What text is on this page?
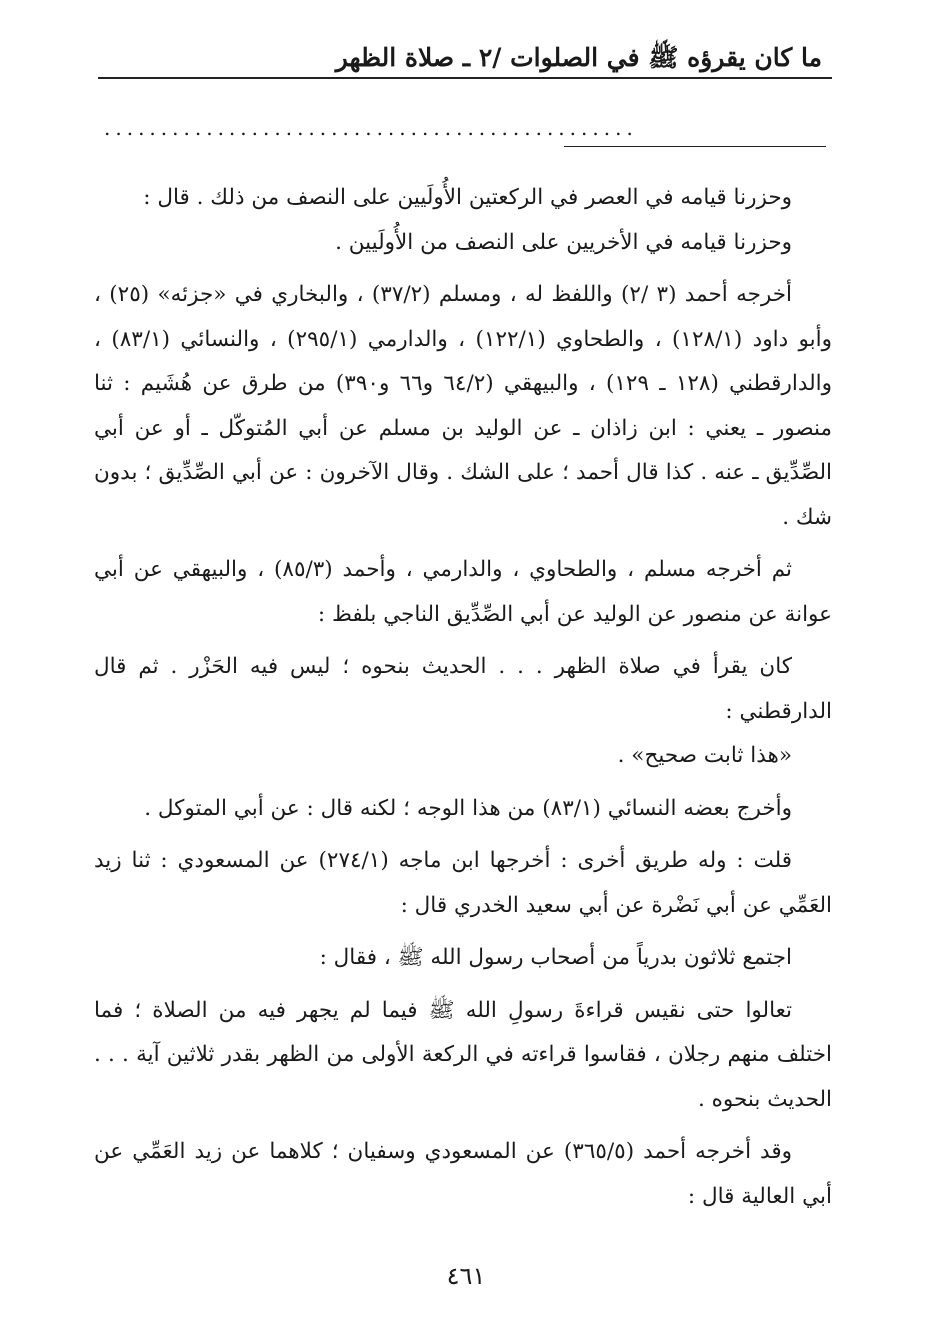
ما كان يقرؤه ﷺ في الصلوات /٢ ـ صلاة الظهر
...............................................

وحزرنا قيامه في العصر في الركعتين الأُولَيين على النصف من ذلك . قال :

وحزرنا قيامه في الأخريين على النصف من الأُولَيين .

أخرجه أحمد (٣ /٢) واللفظ له ، ومسلم (٣٧/٢) ، والبخاري في «جزئه» (٢٥) ، وأبو داود (١٢٨/١) ، والطحاوي (١٢٢/١) ، والدارمي (٢٩٥/١) ، والنسائي (٨٣/١) ، والدارقطني (١٢٨ ـ ١٢٩) ، والبيهقي (٦٤/٢ و٦٦ و٣٩٠) من طرق عن هُشَيم : ثنا منصور ـ يعني : ابن زاذان ـ عن الوليد بن مسلم عن أبي المُتوكّل ـ أو عن أبي الصِّدِّيق ـ عنه . كذا قال أحمد ؛ على الشك . وقال الآخرون : عن أبي الصِّدِّيق ؛ بدون شك .

ثم أخرجه مسلم ، والطحاوي ، والدارمي ، وأحمد (٨٥/٣) ، والبيهقي عن أبي عوانة عن منصور عن الوليد عن أبي الصِّدِّيق الناجي بلفظ :

كان يقرأ في صلاة الظهر . . . الحديث بنحوه ؛ ليس فيه الحَزْر . ثم قال الدارقطني :

«هذا ثابت صحيح» .

وأخرج بعضه النسائي (٨٣/١) من هذا الوجه ؛ لكنه قال : عن أبي المتوكل .

قلت : وله طريق أخرى : أخرجها ابن ماجه (٢٧٤/١) عن المسعودي : ثنا زيد العَمِّي عن أبي نَضْرة عن أبي سعيد الخدري قال :

اجتمع ثلاثون بدرياً من أصحاب رسول الله ﷺ ، فقال :

تعالوا حتى نقيس قراءةَ رسولِ الله ﷺ فيما لم يجهر فيه من الصلاة ؛ فما اختلف منهم رجلان ، فقاسوا قراءته في الركعة الأولى من الظهر بقدر ثلاثين آية . . . الحديث بنحوه .

وقد أخرجه أحمد (٣٦٥/٥) عن المسعودي وسفيان ؛ كلاهما عن زيد العَمِّي عن أبي العالية قال :

٤٦١
